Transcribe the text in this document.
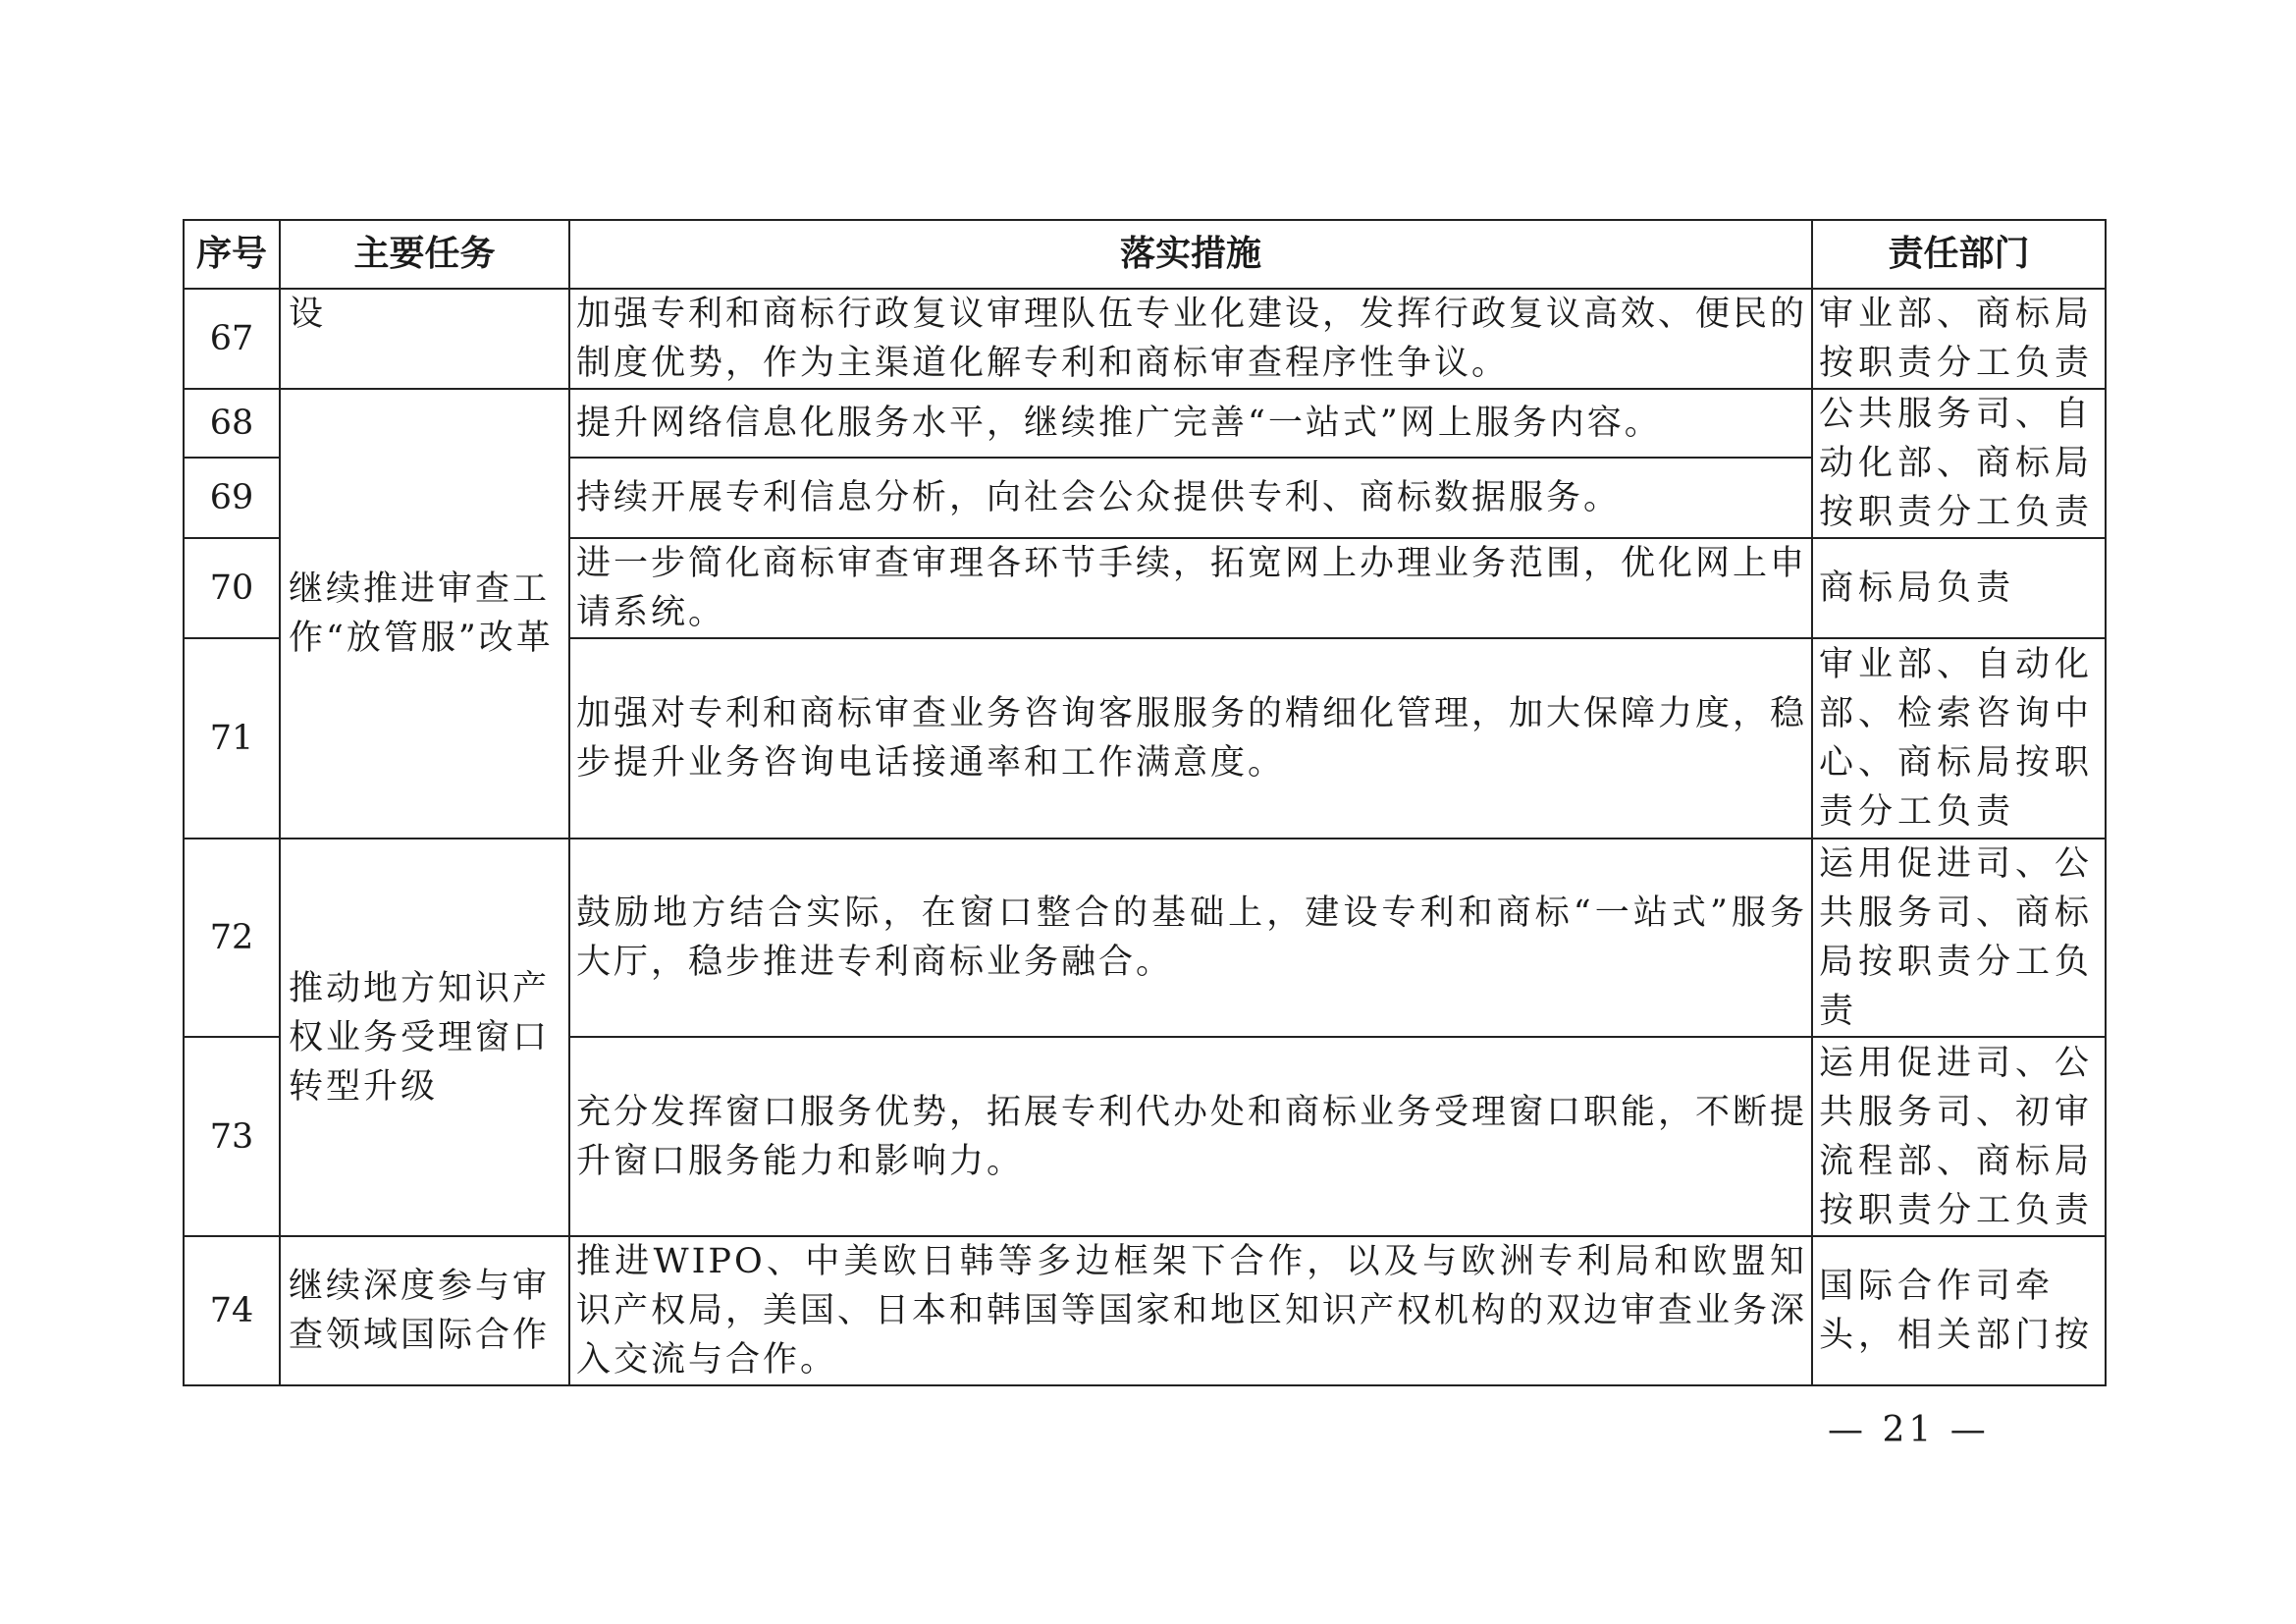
序号	主要任务	落实措施	责任部门
67	设	加强专利和商标行政复议审理队伍专业化建设，发挥行政复议高效、便民的制度优势，作为主渠道化解专利和商标审查程序性争议。	审业部、商标局按职责分工负责
68	继续推进审查工作“放管服”改革	提升网络信息化服务水平，继续推广完善“一站式”网上服务内容。	公共服务司、自动化部、商标局按职责分工负责
69		持续开展专利信息分析，向社会公众提供专利、商标数据服务。	
70		进一步简化商标审查审理各环节手续，拓宽网上办理业务范围，优化网上申请系统。	商标局负责
71		加强对专利和商标审查业务咨询客服服务的精细化管理，加大保障力度，稳步提升业务咨询电话接通率和工作满意度。	审业部、自动化部、检索咨询中心、商标局按职责分工负责
72	推动地方知识产权业务受理窗口转型升级	鼓励地方结合实际，在窗口整合的基础上，建设专利和商标“一站式”服务大厅，稳步推进专利商标业务融合。	运用促进司、公共服务司、商标局按职责分工负责
73		充分发挥窗口服务优势，拓展专利代办处和商标业务受理窗口职能，不断提升窗口服务能力和影响力。	运用促进司、公共服务司、初审流程部、商标局按职责分工负责
74	继续深度参与审查领域国际合作	推进WIPO、中美欧日韩等多边框架下合作，以及与欧洲专利局和欧盟知识产权局，美国、日本和韩国等国家和地区知识产权机构的双边审查业务深入交流与合作。	国际合作司牵头，相关部门按
— 21 —
